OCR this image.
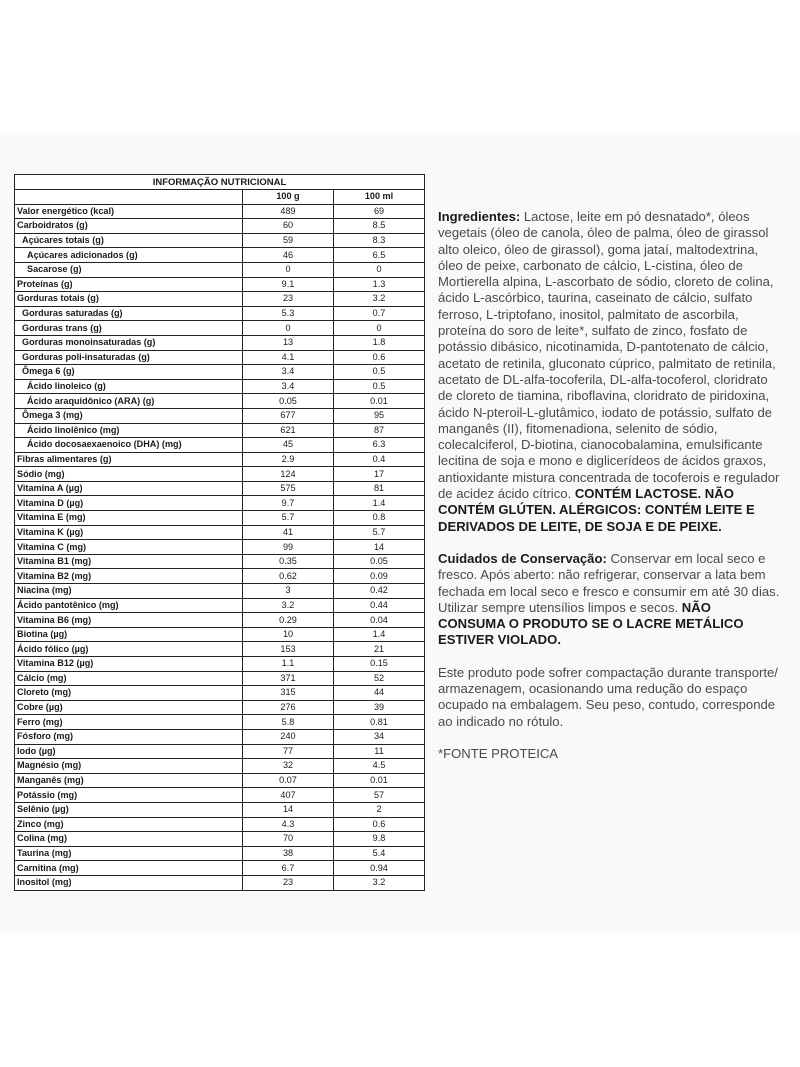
INFORMAÇÃO NUTRICIONAL		
	100 g	100 ml
Valor energético (kcal)	489	69
Carboidratos (g)	60	8.5
Açúcares totais (g)	59	8.3
Açúcares adicionados (g)	46	6.5
Sacarose (g)	0	0
Proteínas (g)	9.1	1.3
Gorduras totais (g)	23	3.2
Gorduras saturadas (g)	5.3	0.7
Gorduras trans (g)	0	0
Gorduras monoinsaturadas (g)	13	1.8
Gorduras poli-insaturadas (g)	4.1	0.6
Ômega 6 (g)	3.4	0.5
Ácido linoleico (g)	3.4	0.5
Ácido araquidônico (ARA) (g)	0.05	0.01
Ômega 3 (mg)	677	95
Ácido linolênico (mg)	621	87
Ácido docosaexaenoico (DHA) (mg)	45	6.3
Fibras alimentares (g)	2.9	0.4
Sódio (mg)	124	17
Vitamina A (µg)	575	81
Vitamina D (µg)	9.7	1.4
Vitamina E (mg)	5.7	0.8
Vitamina K (µg)	41	5.7
Vitamina C (mg)	99	14
Vitamina B1 (mg)	0.35	0.05
Vitamina B2 (mg)	0.62	0.09
Niacina (mg)	3	0.42
Ácido pantotênico (mg)	3.2	0.44
Vitamina B6 (mg)	0.29	0.04
Biotina (µg)	10	1.4
Ácido fólico (µg)	153	21
Vitamina B12 (µg)	1.1	0.15
Cálcio (mg)	371	52
Cloreto (mg)	315	44
Cobre (µg)	276	39
Ferro (mg)	5.8	0.81
Fósforo (mg)	240	34
Iodo (µg)	77	11
Magnésio (mg)	32	4.5
Manganês (mg)	0.07	0.01
Potássio (mg)	407	57
Selênio (µg)	14	2
Zinco (mg)	4.3	0.6
Colina (mg)	70	9.8
Taurina (mg)	38	5.4
Carnitina (mg)	6.7	0.94
Inositol (mg)	23	3.2

Ingredientes: Lactose, leite em pó desnatado*, óleos vegetais (óleo de canola, óleo de palma, óleo de girassol alto oleico, óleo de girassol), goma jataí, maltodextrina, óleo de peixe, carbonato de cálcio, L-cistina, óleo de Mortierella alpina, L-ascorbato de sódio, cloreto de colina, ácido L-ascórbico, taurina, caseinato de cálcio, sulfato ferroso, L-triptofano, inositol, palmitato de ascorbila, proteína do soro de leite*, sulfato de zinco, fosfato de potássio dibásico, nicotinamida, D-pantotenato de cálcio, acetato de retinila, gluconato cúprico, palmitato de retinila, acetato de DL-alfa-tocoferila, DL-alfa-tocoferol, cloridrato de cloreto de tiamina, riboflavina, cloridrato de piridoxina, ácido N-pteroil-L-glutâmico, iodato de potássio, sulfato de manganês (II), fitomenadiona, selenito de sódio, colecalciferol, D-biotina, cianocobalamina, emulsificante lecitina de soja e mono e diglicerídeos de ácidos graxos, antioxidante mistura concentrada de tocoferois e regulador de acidez ácido cítrico. CONTÉM LACTOSE. NÃO CONTÉM GLÚTEN. ALÉRGICOS: CONTÉM LEITE E DERIVADOS DE LEITE, DE SOJA E DE PEIXE.

Cuidados de Conservação: Conservar em local seco e fresco. Após aberto: não refrigerar, conservar a lata bem fechada em local seco e fresco e consumir em até 30 dias. Utilizar sempre utensílios limpos e secos. NÃO CONSUMA O PRODUTO SE O LACRE METÁLICO ESTIVER VIOLADO.

Este produto pode sofrer compactação durante transporte/ armazenagem, ocasionando uma redução do espaço ocupado na embalagem. Seu peso, contudo, corresponde ao indicado no rótulo.

*FONTE PROTEICA
